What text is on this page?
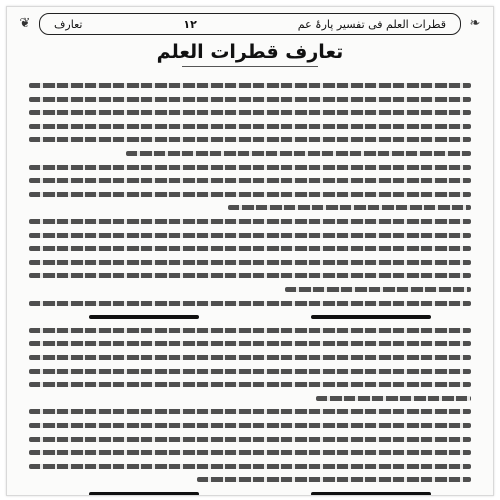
❦	قطرات العلم فی تفسیر پارۂ عم
۱۲
تعارف	❧
تعارف قطرات العلم
